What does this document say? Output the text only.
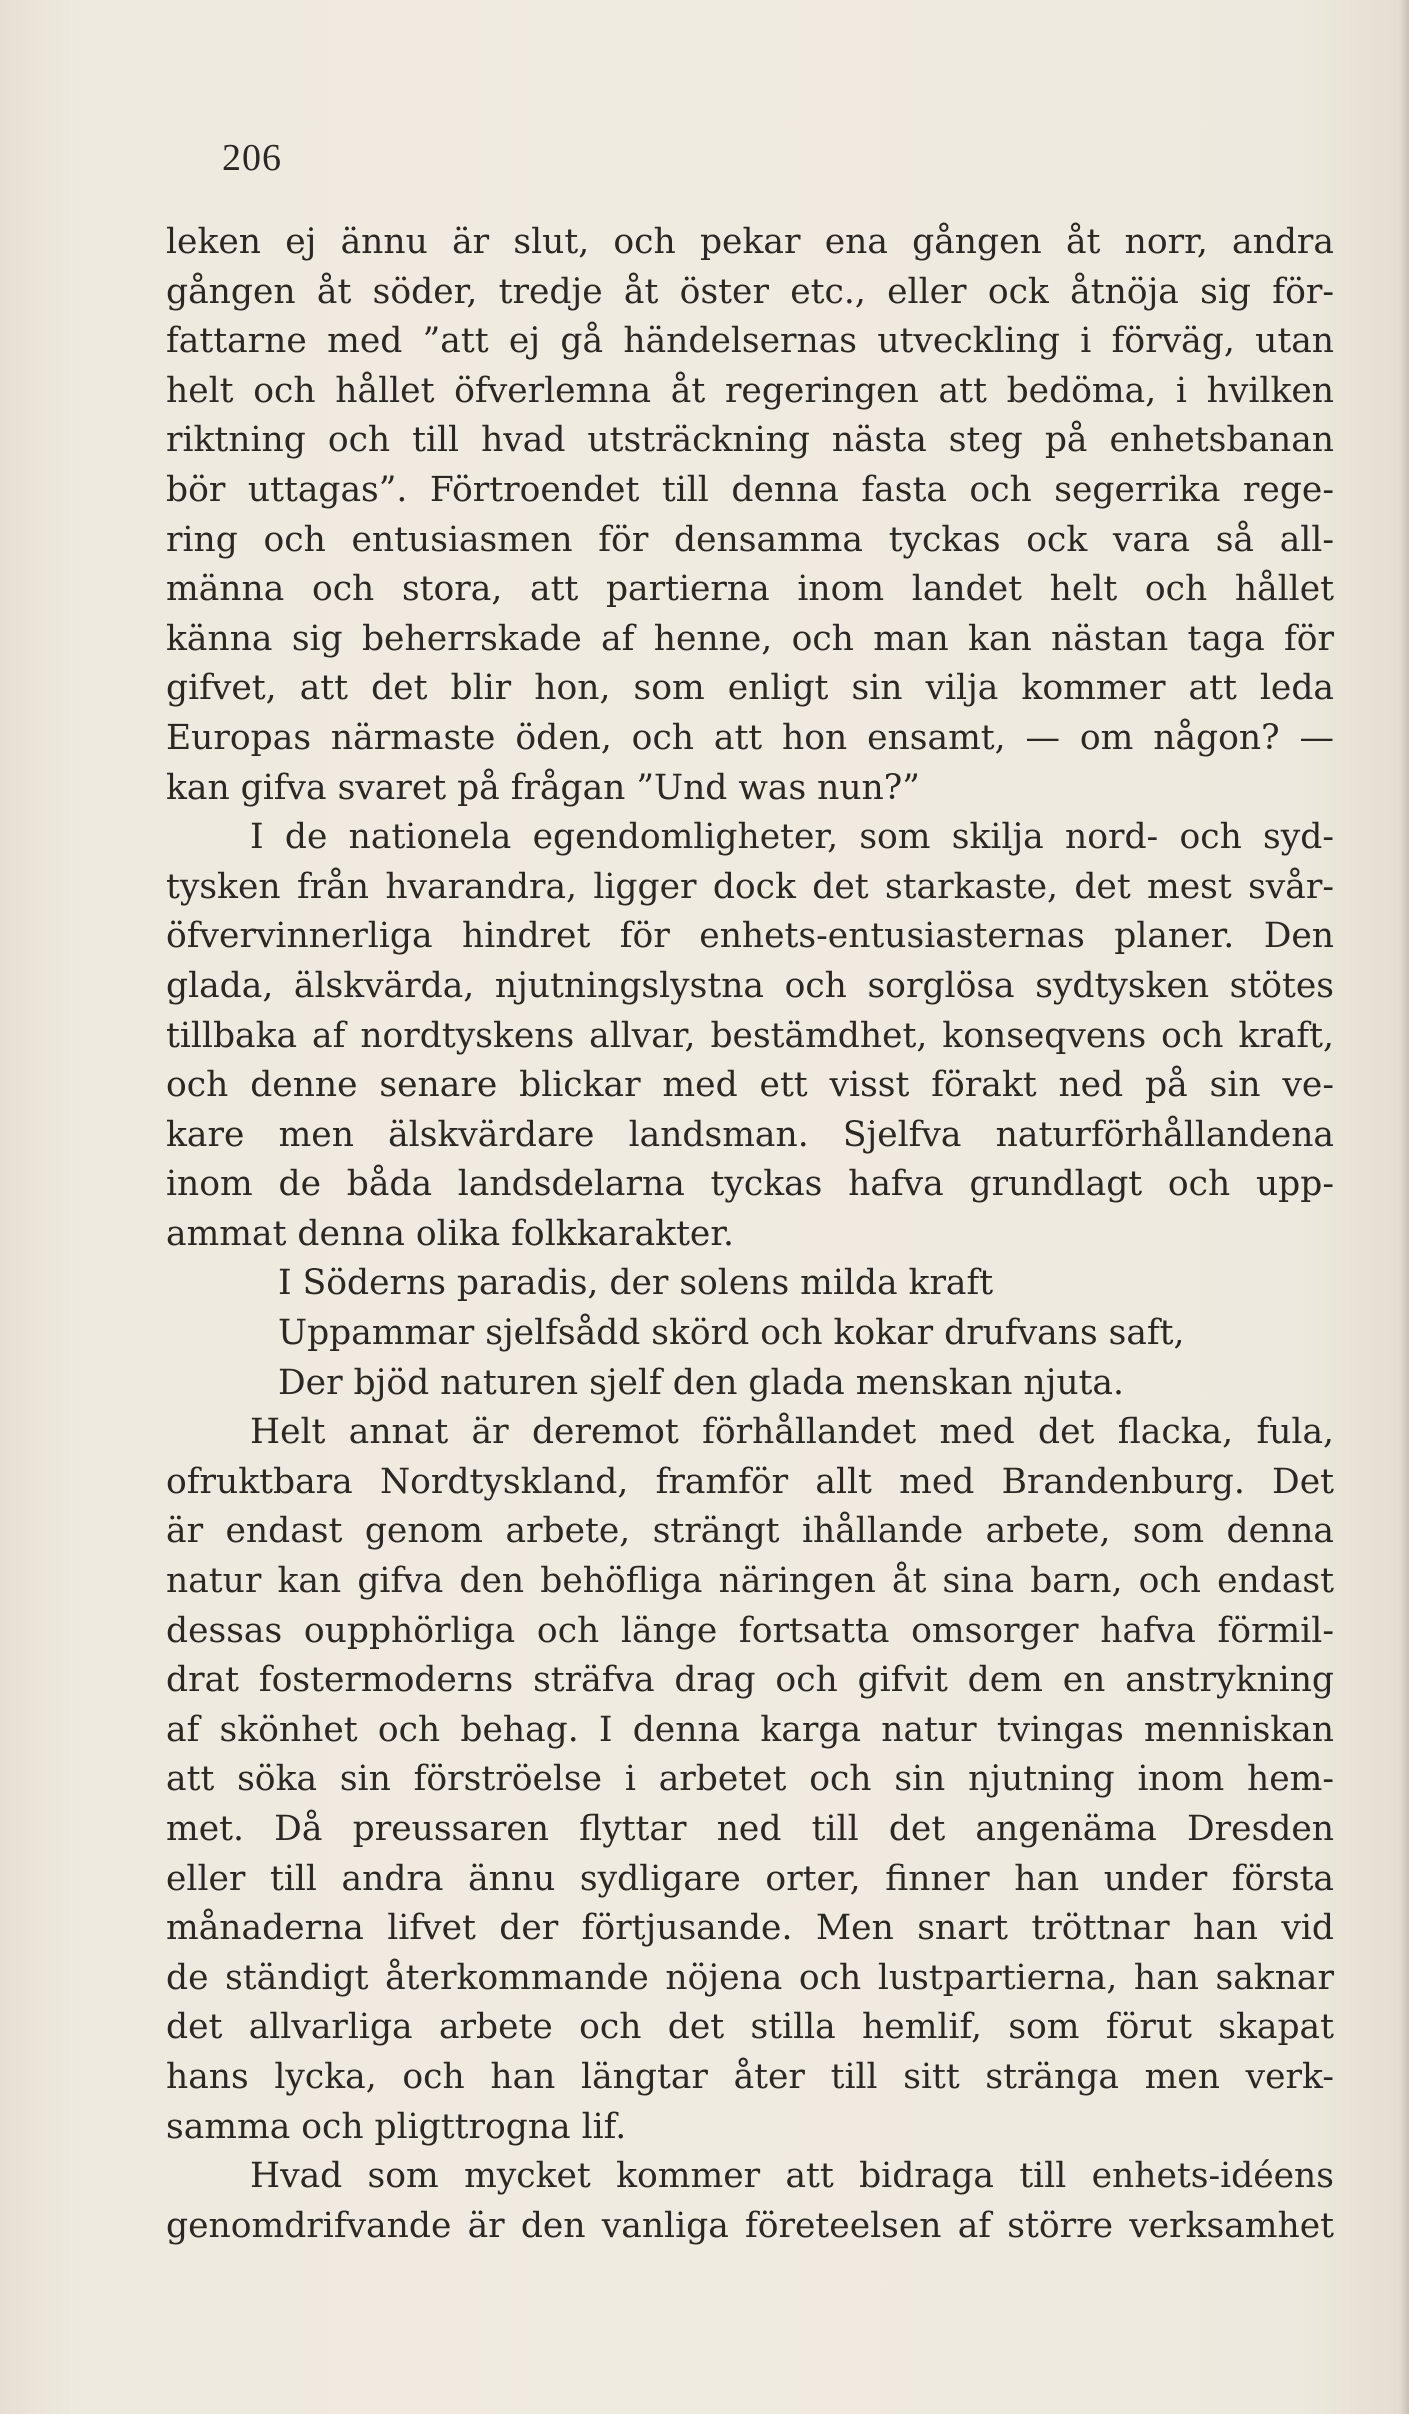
206
leken ej ännu är slut, och pekar ena gången åt norr, andra
gången åt söder, tredje åt öster etc., eller ock åtnöja sig för-
fattarne med ”att ej gå händelsernas utveckling i förväg, utan
helt och hållet öfverlemna åt regeringen att bedöma, i hvilken
riktning och till hvad utsträckning nästa steg på enhetsbanan
bör uttagas”. Förtroendet till denna fasta och segerrika rege-
ring och entusiasmen för densamma tyckas ock vara så all-
männa och stora, att partierna inom landet helt och hållet
känna sig beherrskade af henne, och man kan nästan taga för
gifvet, att det blir hon, som enligt sin vilja kommer att leda
Europas närmaste öden, och att hon ensamt, — om någon? —
kan gifva svaret på frågan ”Und was nun?”
I de nationela egendomligheter, som skilja nord- och syd-
tysken från hvarandra, ligger dock det starkaste, det mest svår-
öfvervinnerliga hindret för enhets-entusiasternas planer. Den
glada, älskvärda, njutningslystna och sorglösa sydtysken stötes
tillbaka af nordtyskens allvar, bestämdhet, konseqvens och kraft,
och denne senare blickar med ett visst förakt ned på sin ve-
kare men älskvärdare landsman. Sjelfva naturförhållandena
inom de båda landsdelarna tyckas hafva grundlagt och upp-
ammat denna olika folkkarakter.
I Söderns paradis, der solens milda kraft
Uppammar sjelfsådd skörd och kokar drufvans saft,
Der bjöd naturen sjelf den glada menskan njuta.
Helt annat är deremot förhållandet med det flacka, fula,
ofruktbara Nordtyskland, framför allt med Brandenburg. Det
är endast genom arbete, strängt ihållande arbete, som denna
natur kan gifva den behöfliga näringen åt sina barn, och endast
dessas oupphörliga och länge fortsatta omsorger hafva förmil-
drat fostermoderns sträfva drag och gifvit dem en anstrykning
af skönhet och behag. I denna karga natur tvingas menniskan
att söka sin förströelse i arbetet och sin njutning inom hem-
met. Då preussaren flyttar ned till det angenäma Dresden
eller till andra ännu sydligare orter, finner han under första
månaderna lifvet der förtjusande. Men snart tröttnar han vid
de ständigt återkommande nöjena och lustpartierna, han saknar
det allvarliga arbete och det stilla hemlif, som förut skapat
hans lycka, och han längtar åter till sitt stränga men verk-
samma och pligttrogna lif.
Hvad som mycket kommer att bidraga till enhets-idéens
genomdrifvande är den vanliga företeelsen af större verksamhet
